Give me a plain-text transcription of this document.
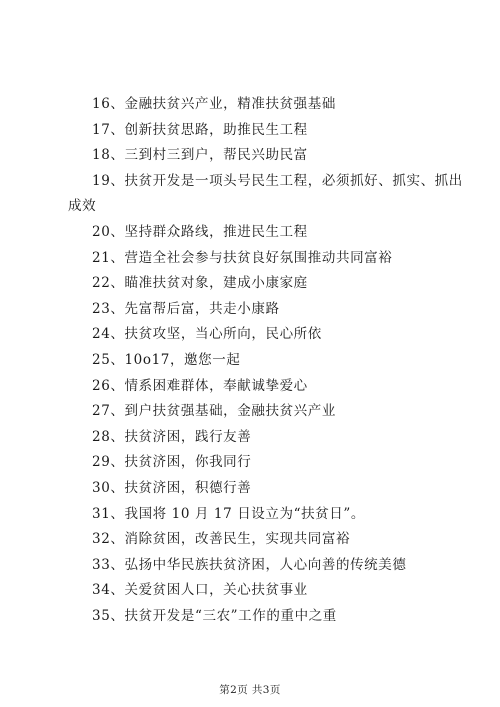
16、金融扶贫兴产业，精准扶贫强基础
17、创新扶贫思路，助推民生工程
18、三到村三到户，帮民兴助民富
19、扶贫开发是一项头号民生工程，必须抓好、抓实、抓出
成效
20、坚持群众路线，推进民生工程
21、营造全社会参与扶贫良好氛围推动共同富裕
22、瞄准扶贫对象，建成小康家庭
23、先富帮后富，共走小康路
24、扶贫攻坚，当心所向，民心所依
25、10o17，邀您一起
26、情系困难群体，奉献诚挚爱心
27、到户扶贫强基础，金融扶贫兴产业
28、扶贫济困，践行友善
29、扶贫济困，你我同行
30、扶贫济困，积德行善
31、我国将 10 月 17 日设立为“扶贫日”。
32、消除贫困，改善民生，实现共同富裕
33、弘扬中华民族扶贫济困，人心向善的传统美德
34、关爱贫困人口，关心扶贫事业
35、扶贫开发是“三农”工作的重中之重
第2页 共3页
